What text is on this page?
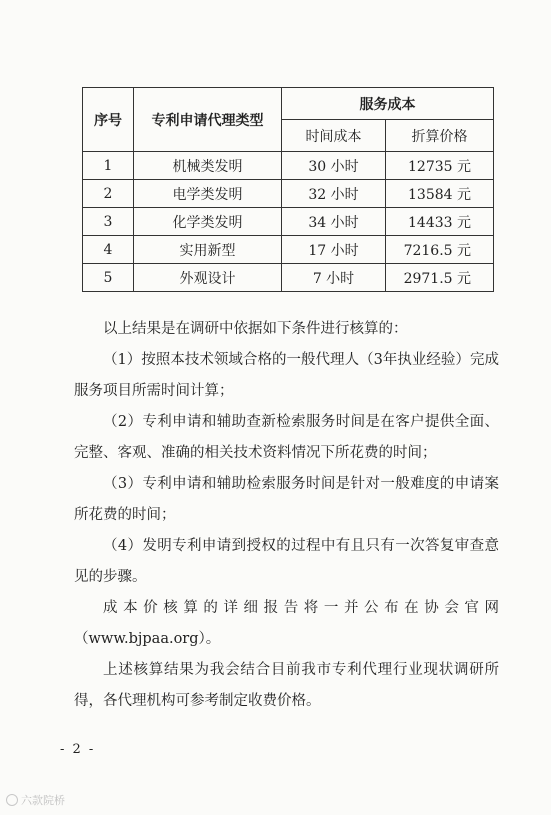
序号	专利申请代理类型	服务成本	
		时间成本	折算价格
1	机械类发明	30 小时	12735 元
2	电学类发明	32 小时	13584 元
3	化学类发明	34 小时	14433 元
4	实用新型	17 小时	7216.5 元
5	外观设计	7 小时	2971.5 元

以上结果是在调研中依据如下条件进行核算的：

（1）按照本技术领域合格的一般代理人（3年执业经验）完成服务项目所需时间计算；

（2）专利申请和辅助查新检索服务时间是在客户提供全面、完整、客观、准确的相关技术资料情况下所花费的时间；

（3）专利申请和辅助检索服务时间是针对一般难度的申请案所花费的时间；

（4）发明专利申请到授权的过程中有且只有一次答复审查意见的步骤。

成本价核算的详细报告将一并公布在协会官网（www.bjpaa.org）。

上述核算结果为我会结合目前我市专利代理行业现状调研所得，各代理机构可参考制定收费价格。

- 2 -
六款院桥
